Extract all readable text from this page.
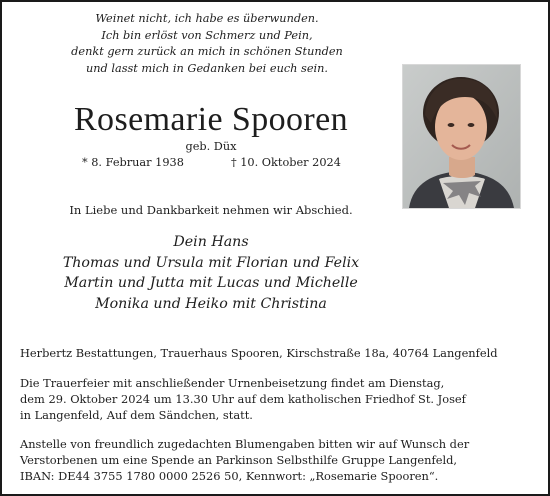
Weinet nicht, ich habe es überwunden.
Ich bin erlöst von Schmerz und Pein,
denkt gern zurück an mich in schönen Stunden
und lasst mich in Gedanken bei euch sein.
Rosemarie Spooren
geb. Düx
* 8. Februar 1938	† 10. Oktober 2024
In Liebe und Dankbarkeit nehmen wir Abschied.
Dein Hans
Thomas und Ursula mit Florian und Felix
Martin und Jutta mit Lucas und Michelle
Monika und Heiko mit Christina
Herbertz Bestattungen, Trauerhaus Spooren, Kirschstraße 18a, 40764 Langenfeld
Die Trauerfeier mit anschließender Urnenbeisetzung findet am Dienstag,
dem 29. Oktober 2024 um 13.30 Uhr auf dem katholischen Friedhof St. Josef
in Langenfeld, Auf dem Sändchen, statt.
Anstelle von freundlich zugedachten Blumengaben bitten wir auf Wunsch der
Verstorbenen um eine Spende an Parkinson Selbsthilfe Gruppe Langenfeld,
IBAN: DE44 3755 1780 0000 2526 50, Kennwort: „Rosemarie Spooren“.
